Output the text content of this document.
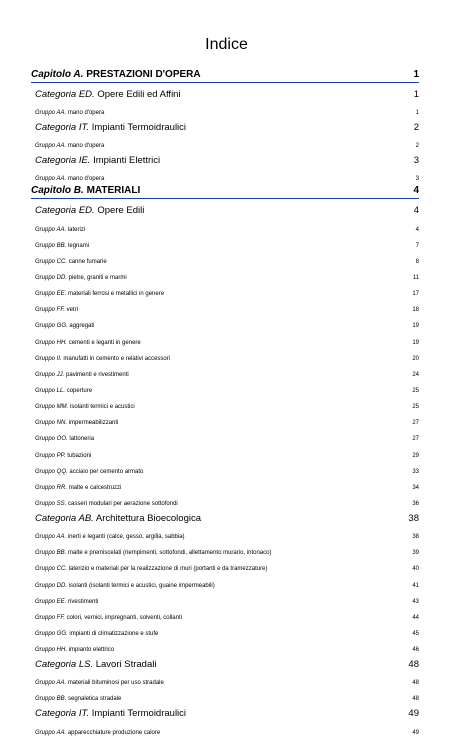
Indice
Capitolo A. PRESTAZIONI D'OPERA	1
Categoria ED. Opere Edili ed Affini	1
Gruppo AA. mano d'opera	1
Categoria IT. Impianti Termoidraulici	2
Gruppo AA. mano d'opera	2
Categoria IE. Impianti Elettrici	3
Gruppo AA. mano d'opera	3
Capitolo B. MATERIALI	4
Categoria ED. Opere Edili	4
Gruppo AA. laterizi	4
Gruppo BB. legnami	7
Gruppo CC. canne fumarie	8
Gruppo DD. pietre, graniti e marmi	11
Gruppo EE. materiali ferrosi e metallici in genere	17
Gruppo FF. vetri	18
Gruppo GG. aggregati	19
Gruppo HH. cementi e leganti in genere	19
Gruppo II. manufatti in cemento e relativi accessori	20
Gruppo JJ. pavimenti e rivestimenti	24
Gruppo LL. coperture	25
Gruppo MM. isolanti termici e acustici	25
Gruppo NN. impermeabilizzanti	27
Gruppo OO. lattoneria	27
Gruppo PP. tubazioni	29
Gruppo QQ. acciaio per cemento armato	33
Gruppo RR. malte e calcestruzzi	34
Gruppo SS. casseri modulari per aerazione sottofondi	36
Categoria AB. Architettura Bioecologica	38
Gruppo AA. inerti e leganti (calce, gesso, argilla, sabbia)	38
Gruppo BB. malte e premiscelati (riempimenti, sottofondi, allettamento murario, intonaco)	39
Gruppo CC. laterizio e materiali per la realizzazione di muri (portanti e da tramezzature)	40
Gruppo DD. isolanti (isolanti termici e acustici, guaine impermeabili)	41
Gruppo EE. rivestimenti	43
Gruppo FF. colori, vernici, impregnanti, solventi, collanti	44
Gruppo GG. impianti di climatizzazione e stufe	45
Gruppo HH. impianto elettrico	46
Categoria LS. Lavori Stradali	48
Gruppo AA. materiali bituminosi per uso stradale	48
Gruppo BB. segnaletica stradale	48
Categoria IT. Impianti Termoidraulici	49
Gruppo AA. apparecchiature produzione calore	49
